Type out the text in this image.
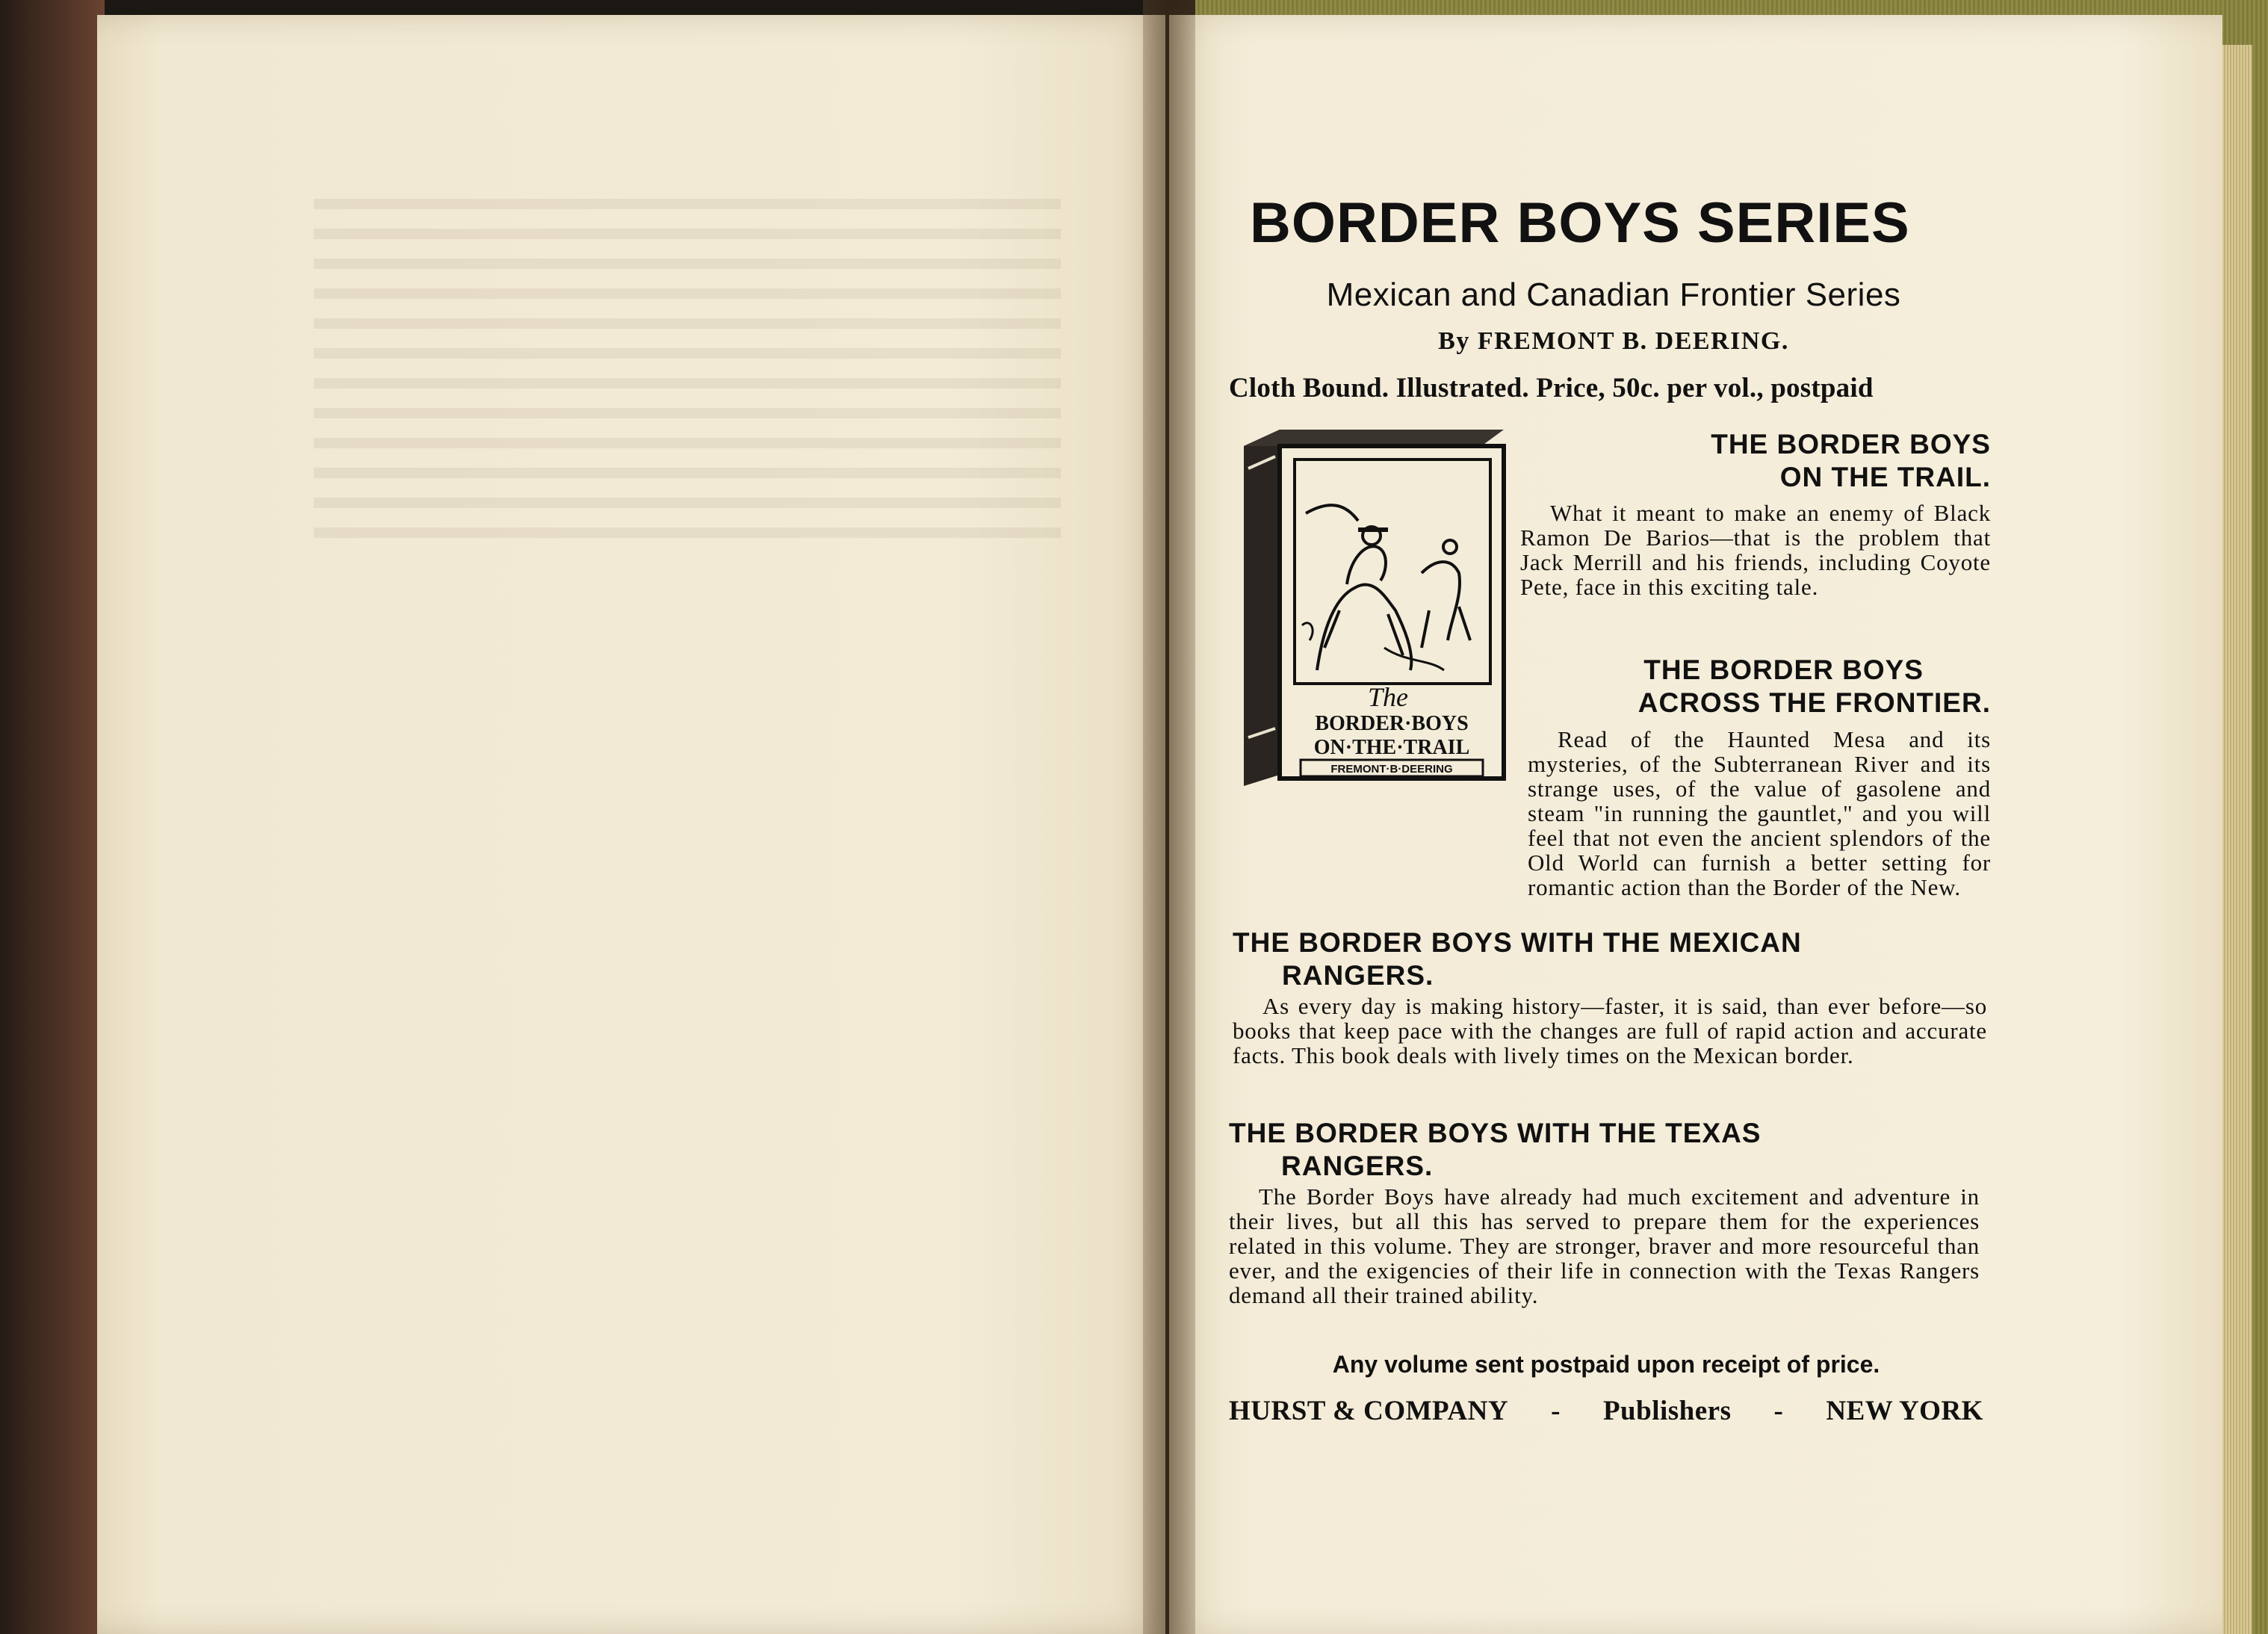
BORDER BOYS SERIES
Mexican and Canadian Frontier Series
By FREMONT B. DEERING.
Cloth Bound. Illustrated. Price, 50c. per vol., postpaid
The
BORDER·BOYS
ON·THE·TRAIL
FREMONT·B·DEERING
THE BORDER BOYS
ON THE TRAIL.
What it meant to make an enemy of Black Ramon De Barios—that is the problem that Jack Merrill and his friends, including Coyote Pete, face in this exciting tale.
THE BORDER BOYS
ACROSS THE FRONTIER.
Read of the Haunted Mesa and its mysteries, of the Subterranean River and its strange uses, of the value of gasolene and steam "in running the gauntlet," and you will feel that not even the ancient splendors of the Old World can furnish a better setting for romantic action than the Border of the New.
THE BORDER BOYS WITH THE MEXICAN
RANGERS.
As every day is making history—faster, it is said, than ever before—so books that keep pace with the changes are full of rapid action and accurate facts. This book deals with lively times on the Mexican border.
THE BORDER BOYS WITH THE TEXAS
RANGERS.
The Border Boys have already had much excitement and adventure in their lives, but all this has served to prepare them for the experiences related in this volume. They are stronger, braver and more resourceful than ever, and the exigencies of their life in connection with the Texas Rangers demand all their trained ability.
Any volume sent postpaid upon receipt of price.
HURST & COMPANY - Publishers - NEW YORK
